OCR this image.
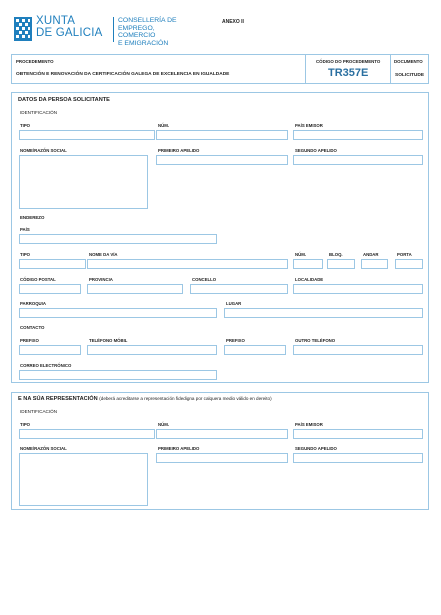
XUNTA
DE GALICIA
CONSELLERÍA DE
EMPREGO, COMERCIO
E EMIGRACIÓN
ANEXO II
PROCEDEMENTO
OBTENCIÓN E RENOVACIÓN DA CERTIFICACIÓN GALEGA DE EXCELENCIA EN IGUALDADE
CÓDIGO DO PROCEDEMENTO
TR357E
DOCUMENTO
SOLICITUDE
DATOS DA PERSOA SOLICITANTE
IDENTIFICACIÓN
TIPO	NÚM.	PAÍS EMISOR
NOME/RAZÓN SOCIAL	PRIMEIRO APELIDO	SEGUNDO APELIDO
ENDEREZO
PAÍS
TIPO	NOME DA VÍA	NÚM.	BLOQ.	ANDAR	PORTA
CÓDIGO POSTAL	PROVINCIA	CONCELLO	LOCALIDADE
PARROQUIA	LUGAR
CONTACTO
PREFIXO	TELÉFONO MÓBIL	PREFIXO	OUTRO TELÉFONO
CORREO ELECTRÓNICO
E NA SÚA REPRESENTACIÓN (deberá acreditarse a representación fidedigna por calquera medio válido en dereito)
IDENTIFICACIÓN
TIPO	NÚM.	PAÍS EMISOR
NOME/RAZÓN SOCIAL	PRIMEIRO APELIDO	SEGUNDO APELIDO
